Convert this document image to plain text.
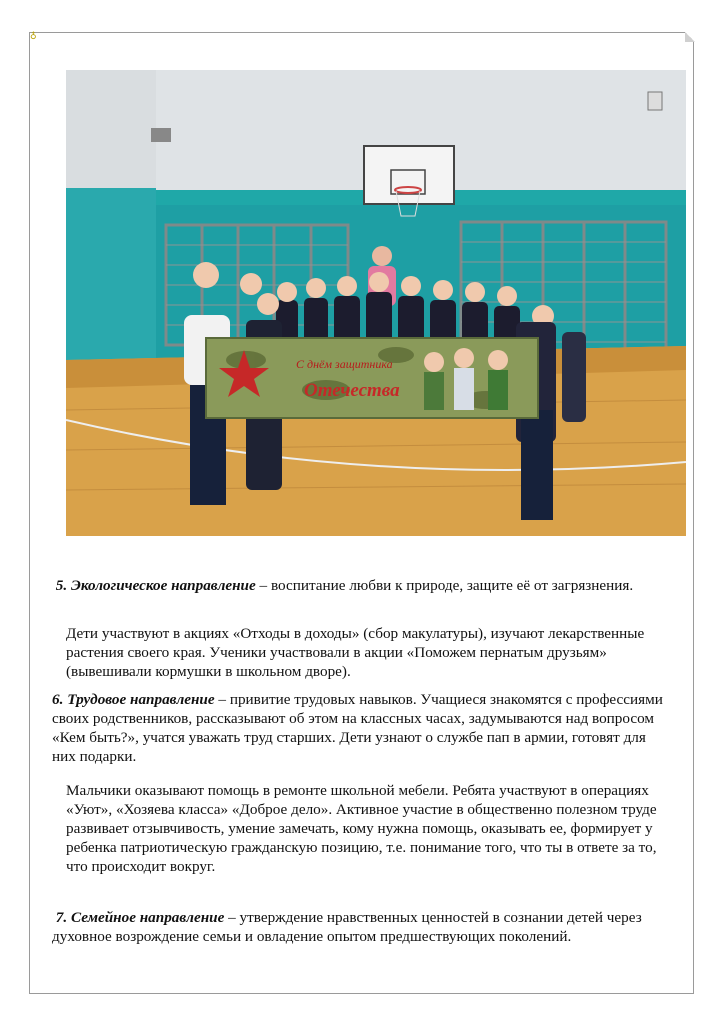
♁
С днём защитника
Отечества

5. Экологическое направление – воспитание любви к природе, защите её от загрязнения.

Дети участвуют в акциях «Отходы в доходы» (сбор макулатуры), изучают лекарственные растения своего края. Ученики участвовали в акции «Поможем пернатым друзьям» (вывешивали кормушки в школьном дворе).

6. Трудовое направление – привитие трудовых навыков. Учащиеся знакомятся с профессиями своих родственников, рассказывают об этом на классных часах, задумываются над вопросом «Кем быть?», учатся уважать труд старших. Дети узнают о службе пап в армии, готовят для них подарки.

Мальчики оказывают помощь в ремонте школьной мебели. Ребята участвуют в операциях «Уют», «Хозяева класса» «Доброе дело». Активное участие в общественно полезном труде развивает отзывчивость, умение замечать, кому нужна помощь, оказывать ее, формирует у ребенка патриотическую гражданскую позицию, т.е. понимание того, что ты в ответе за то, что происходит вокруг.

7. Семейное направление – утверждение нравственных ценностей в сознании детей через духовное возрождение семьи и овладение опытом предшествующих поколений.
